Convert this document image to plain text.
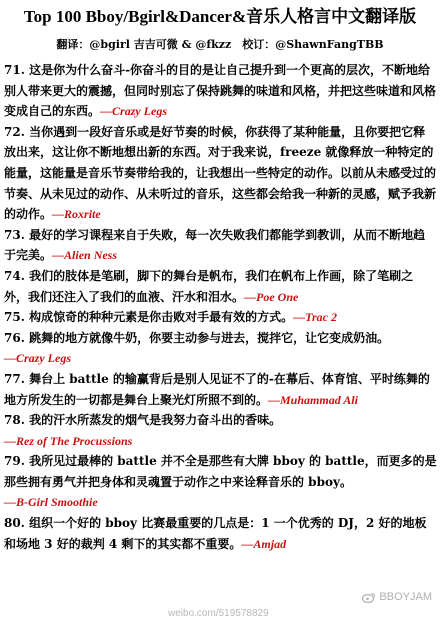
Top 100 Bboy/Bgirl&Dancer&音乐人格言中文翻译版
翻译：@bgirl 吉吉可微 & @fkzz　校订：@ShawnFangTBB

71. 这是你为什么奋斗-你奋斗的目的是让自己提升到一个更高的层次，不断地给别人带来更大的震撼，但同时别忘了保持跳舞的味道和风格，并把这些味道和风格变成自己的东西。—Crazy Legs

72. 当你遇到一段好音乐或是好节奏的时候，你获得了某种能量，且你要把它释放出来，这让你不断地想出新的东西。对于我来说，freeze 就像释放一种特定的能量，这能量是音乐节奏带给我的，让我想出一些特定的动作。以前从未感受过的节奏、从未见过的动作、从未听过的音乐，这些都会给我一种新的灵感，赋予我新的动作。—Roxrite

73. 最好的学习课程来自于失败，每一次失败我们都能学到教训，从而不断地趋于完美。—Alien Ness

74. 我们的肢体是笔刷，脚下的舞台是帆布，我们在帆布上作画，除了笔刷之外，我们还注入了我们的血液、汗水和泪水。—Poe One

75. 构成惊奇的种种元素是你击败对手最有效的方式。—Trac 2

76. 跳舞的地方就像牛奶，你要主动参与进去，搅拌它，让它变成奶油。
—Crazy Legs

77. 舞台上 battle 的输赢背后是别人见证不了的-在幕后、体育馆、平时练舞的地方所发生的一切都是舞台上聚光灯所照不到的。—Muhammad Ali

78. 我的汗水所蒸发的烟气是我努力奋斗出的香味。
—Rez of The Procussions

79. 我所见过最棒的 battle 并不全是那些有大牌 bboy 的 battle，而更多的是那些拥有勇气并把身体和灵魂置于动作之中来诠释音乐的 bboy。
—B-Girl Smoothie

80. 组织一个好的 bboy 比赛最重要的几点是：1 一个优秀的 DJ，2 好的地板和场地 3 好的裁判 4 剩下的其实都不重要。—Amjad

BBOYJAM
weibo.com/519578829
